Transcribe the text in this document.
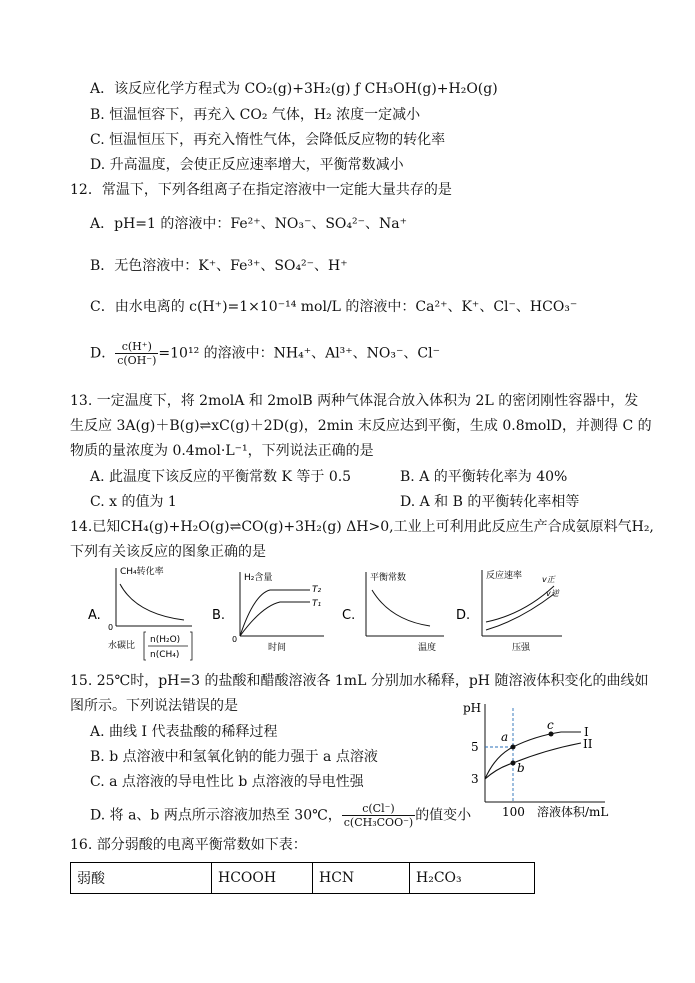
A．该反应化学方程式为 CO₂(g)+3H₂(g) ƒ CH₃OH(g)+H₂O(g)
B. 恒温恒容下，再充入 CO₂ 气体，H₂ 浓度一定减小
C. 恒温恒压下，再充入惰性气体，会降低反应物的转化率
D. 升高温度，会使正反应速率增大，平衡常数减小
12．常温下，下列各组离子在指定溶液中一定能大量共存的是
A．pH=1 的溶液中：Fe²⁺、NO₃⁻、SO₄²⁻、Na⁺
B．无色溶液中：K⁺、Fe³⁺、SO₄²⁻、H⁺
C．由水电离的 c(H⁺)=1×10⁻¹⁴ mol/L 的溶液中：Ca²⁺、K⁺、Cl⁻、HCO₃⁻
D． $\frac{c(H^+)}{c(OH^-)} =10^{12}$ 的溶液中：NH₄⁺、Al³⁺、NO₃⁻、Cl⁻
13. 一定温度下，将 2molA 和 2molB 两种气体混合放入体积为 2L 的密闭刚性容器中，发
生反应 3A(g)＋B(g)⇌xC(g)＋2D(g)，2min 末反应达到平衡，生成 0.8molD，并测得 C 的
物质的量浓度为 0.4mol·L⁻¹，下列说法正确的是
A. 此温度下该反应的平衡常数 K 等于 0.5	B. A 的平衡转化率为 40%
C. x 的值为 1	D. A 和 B 的平衡转化率相等
14.已知CH₄(g)+H₂O(g)⇌CO(g)+3H₂(g) ΔH>0,工业上可利用此反应生产合成氨原料气H₂,
下列有关该反应的图象正确的是
A.
CH₄转化率
0
水碳比
n(H₂O)
n(CH₄)
B.
H₂含量
0
T₂
T₁
时间
C.
平衡常数
温度
D.
反应速率 v正
v逆
压强
15. 25℃时，pH=3 的盐酸和醋酸溶液各 1mL 分别加水稀释，pH 随溶液体积变化的曲线如
图所示。下列说法错误的是
A. 曲线 I 代表盐酸的稀释过程
B. b 点溶液中和氢氧化钠的能力强于 a 点溶液
C. a 点溶液的导电性比 b 点溶液的导电性强
D. 将 a、b 两点所示溶液加热至 30℃， $\frac{c(Cl^-)}{\text{c(CH₃COO⁻)}}$ 的值变小
pH
5
3
a
b
c	I
II
100 溶液体积/mL
16. 部分弱酸的电离平衡常数如下表：
弱酸	HCOOH	HCN	H₂CO₃
